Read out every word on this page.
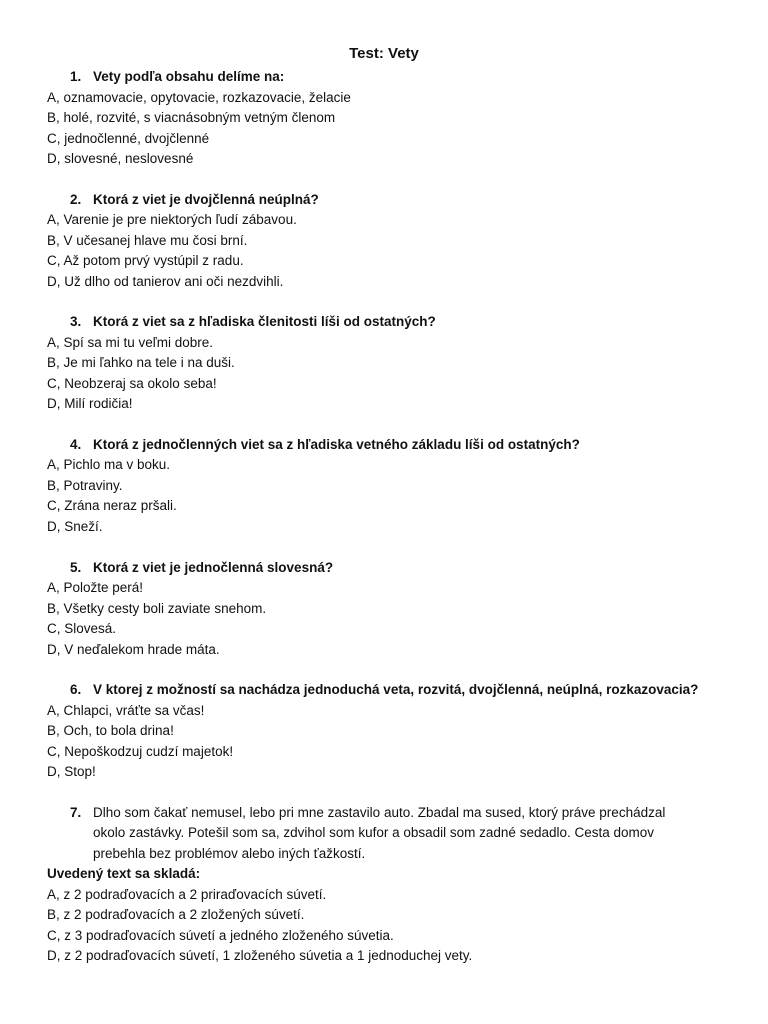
Test: Vety
1. Vety podľa obsahu delíme na:
A, oznamovacie, opytovacie, rozkazovacie, želacie
B, holé, rozvité, s viacnásobným vetným členom
C, jednočlenné, dvojčlenné
D, slovesné, neslovesné
2. Ktorá z viet je dvojčlenná neúplná?
A, Varenie je pre niektorých ľudí zábavou.
B, V učesanej hlave mu čosi brní.
C, Až potom prvý vystúpil z radu.
D, Už dlho od tanierov ani oči nezdvihli.
3. Ktorá z viet sa z hľadiska členitosti líši od ostatných?
A, Spí sa mi tu veľmi dobre.
B, Je mi ľahko na tele i na duši.
C, Neobzeraj sa okolo seba!
D, Milí rodičia!
4. Ktorá z jednočlenných viet sa z hľadiska vetného základu líši od ostatných?
A, Pichlo ma v boku.
B, Potraviny.
C, Zrána neraz pršali.
D, Sneží.
5. Ktorá z viet je jednočlenná slovesná?
A, Položte perá!
B, Všetky cesty boli zaviate snehom.
C, Slovesá.
D, V neďalekom hrade máta.
6. V ktorej z možností sa nachádza jednoduchá veta, rozvitá, dvojčlenná, neúplná, rozkazovacia?
A, Chlapci, vráťte sa včas!
B, Och, to bola drina!
C, Nepoškodzuj cudzí majetok!
D, Stop!
7. Dlho som čakať nemusel, lebo pri mne zastavilo auto. Zbadal ma sused, ktorý práve prechádzal
okolo zastávky. Potešil som sa, zdvihol som kufor a obsadil som zadné sedadlo. Cesta domov
prebehla bez problémov alebo iných ťažkostí.
Uvedený text sa skladá:
A, z 2 podraďovacích a 2 priraďovacích súvetí.
B, z 2 podraďovacích a 2 zložených súvetí.
C, z 3 podraďovacích súvetí a jedného zloženého súvetia.
D, z 2 podraďovacích súvetí, 1 zloženého súvetia a 1 jednoduchej vety.
